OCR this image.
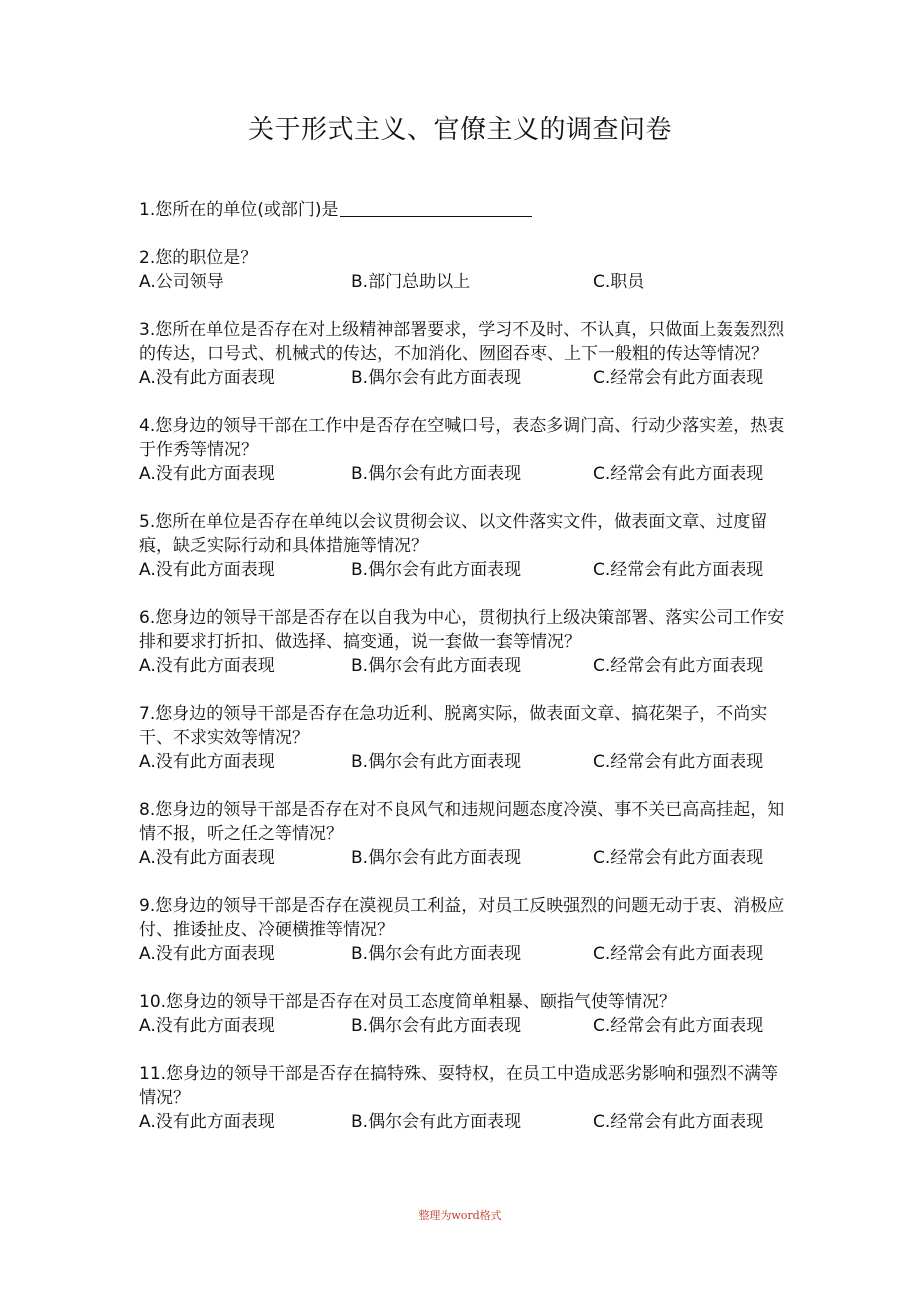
关于形式主义、官僚主义的调查问卷
1.您所在的单位(或部门)是
2.您的职位是？
A.公司领导	B.部门总助以上	C.职员
3.您所在单位是否存在对上级精神部署要求，学习不及时、不认真，只做面上轰轰烈烈的传达，口号式、机械式的传达，不加消化、囫囵吞枣、上下一般粗的传达等情况？
A.没有此方面表现	B.偶尔会有此方面表现	C.经常会有此方面表现
4.您身边的领导干部在工作中是否存在空喊口号，表态多调门高、行动少落实差，热衷于作秀等情况？
A.没有此方面表现	B.偶尔会有此方面表现	C.经常会有此方面表现
5.您所在单位是否存在单纯以会议贯彻会议、以文件落实文件，做表面文章、过度留痕，缺乏实际行动和具体措施等情况？
A.没有此方面表现	B.偶尔会有此方面表现	C.经常会有此方面表现
6.您身边的领导干部是否存在以自我为中心，贯彻执行上级决策部署、落实公司工作安排和要求打折扣、做选择、搞变通，说一套做一套等情况？
A.没有此方面表现	B.偶尔会有此方面表现	C.经常会有此方面表现
7.您身边的领导干部是否存在急功近利、脱离实际，做表面文章、搞花架子，不尚实干、不求实效等情况？
A.没有此方面表现	B.偶尔会有此方面表现	C.经常会有此方面表现
8.您身边的领导干部是否存在对不良风气和违规问题态度冷漠、事不关已高高挂起，知情不报，听之任之等情况？
A.没有此方面表现	B.偶尔会有此方面表现	C.经常会有此方面表现
9.您身边的领导干部是否存在漠视员工利益，对员工反映强烈的问题无动于衷、消极应付、推诿扯皮、冷硬横推等情况？
A.没有此方面表现	B.偶尔会有此方面表现	C.经常会有此方面表现
10.您身边的领导干部是否存在对员工态度简单粗暴、颐指气使等情况？
A.没有此方面表现	B.偶尔会有此方面表现	C.经常会有此方面表现
11.您身边的领导干部是否存在搞特殊、耍特权，在员工中造成恶劣影响和强烈不满等情况？
A.没有此方面表现	B.偶尔会有此方面表现	C.经常会有此方面表现
整理为word格式
